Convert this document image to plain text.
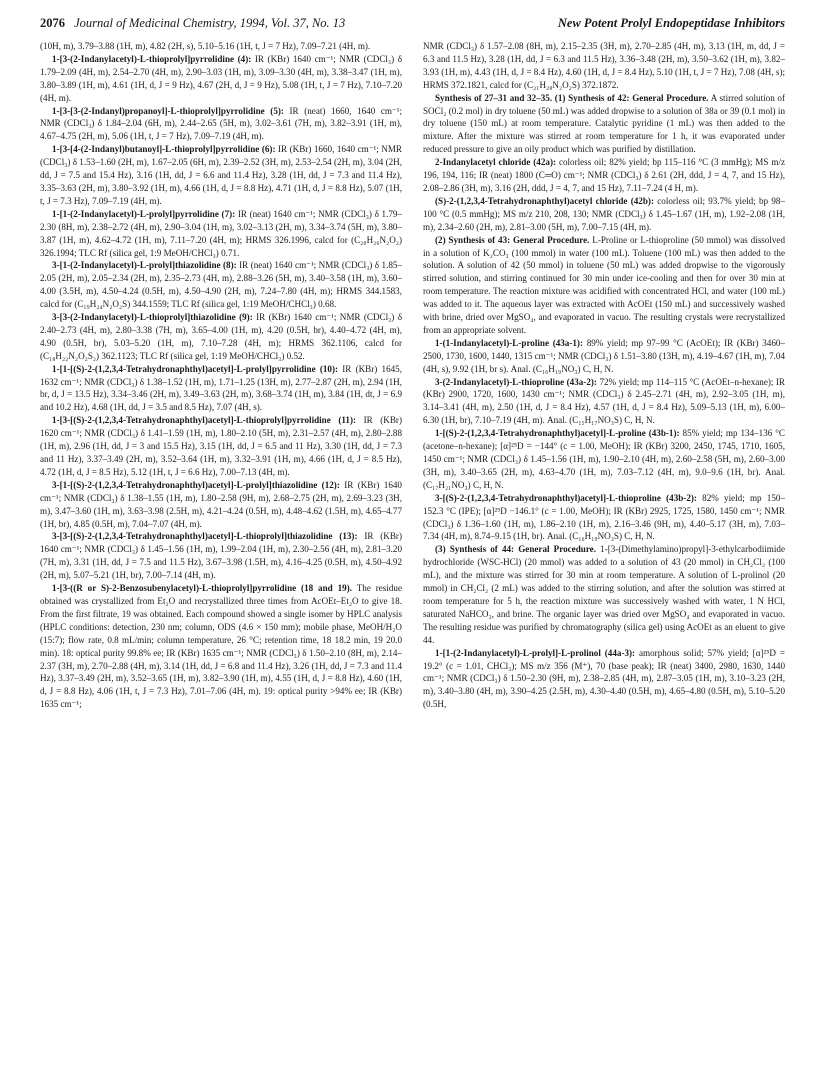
2076 Journal of Medicinal Chemistry, 1994, Vol. 37, No. 13	New Potent Prolyl Endopeptidase Inhibitors

(10H, m), 3.79–3.88 (1H, m), 4.82 (2H, s), 5.10–5.16 (1H, t, J = 7 Hz), 7.09–7.21 (4H, m).

1-[3-(2-Indanylacetyl)-L-thioprolyl]pyrrolidine (4): IR (KBr) 1640 cm⁻¹; NMR (CDCl₃) δ 1.79–2.09 (4H, m), 2.54–2.70 (4H, m), 2.90–3.03 (1H, m), 3.09–3.30 (4H, m), 3.38–3.47 (1H, m), 3.80–3.89 (1H, m), 4.61 (1H, d, J = 9 Hz), 4.67 (2H, d, J = 9 Hz), 5.08 (1H, t, J = 7 Hz), 7.10–7.20 (4H, m).

1-[3-[3-(2-Indanyl)propanoyl]-L-thioprolyl]pyrrolidine (5): IR (neat) 1660, 1640 cm⁻¹; NMR (CDCl₃) δ 1.84–2.04 (6H, m), 2.44–2.65 (5H, m), 3.02–3.61 (7H, m), 3.82–3.91 (1H, m), 4.67–4.75 (2H, m), 5.06 (1H, t, J = 7 Hz), 7.09–7.19 (4H, m).

1-[3-[4-(2-Indanyl)butanoyl]-L-thioprolyl]pyrrolidine (6): IR (KBr) 1660, 1640 cm⁻¹; NMR (CDCl₃) δ 1.53–1.60 (2H, m), 1.67–2.05 (6H, m), 2.39–2.52 (3H, m), 2.53–2.54 (2H, m), 3.04 (2H, dd, J = 7.5 and 15.4 Hz), 3.16 (1H, dd, J = 6.6 and 11.4 Hz), 3.28 (1H, dd, J = 7.3 and 11.4 Hz), 3.35–3.63 (2H, m), 3.80–3.92 (1H, m), 4.66 (1H, d, J = 8.8 Hz), 4.71 (1H, d, J = 8.8 Hz), 5.07 (1H, t, J = 7.3 Hz), 7.09–7.19 (4H, m).

1-[1-(2-Indanylacetyl)-L-prolyl]pyrrolidine (7): IR (neat) 1640 cm⁻¹; NMR (CDCl₃) δ 1.79–2.30 (8H, m), 2.38–2.72 (4H, m), 2.90–3.04 (1H, m), 3.02–3.13 (2H, m), 3.34–3.74 (5H, m), 3.80–3.87 (1H, m), 4.62–4.72 (1H, m), 7.11–7.20 (4H, m); HRMS 326.1996, calcd for (C₂₀H₂₆N₂O₂) 326.1994; TLC Rf (silica gel, 1:9 MeOH/CHCl₃) 0.71.

3-[1-(2-Indanylacetyl)-L-prolyl]thiazolidine (8): IR (neat) 1640 cm⁻¹; NMR (CDCl₃) δ 1.85–2.05 (2H, m), 2.05–2.34 (2H, m), 2.35–2.73 (4H, m), 2.88–3.26 (5H, m), 3.40–3.58 (1H, m), 3.60–4.00 (3.5H, m), 4.50–4.24 (0.5H, m), 4.50–4.90 (2H, m), 7.24–7.80 (4H, m); HRMS 344.1583, calcd for (C₁₉H₂₄N₂O₂S) 344.1559; TLC Rf (silica gel, 1:19 MeOH/CHCl₃) 0.68.

3-[3-(2-Indanylacetyl)-L-thioprolyl]thiazolidine (9): IR (KBr) 1640 cm⁻¹; NMR (CDCl₃) δ 2.40–2.73 (4H, m), 2.80–3.38 (7H, m), 3.65–4.00 (1H, m), 4.20 (0.5H, br), 4.40–4.72 (4H, m), 4.90 (0.5H, br), 5.03–5.20 (1H, m), 7.10–7.28 (4H, m); HRMS 362.1106, calcd for (C₁₈H₂₂N₂O₂S₂) 362.1123; TLC Rf (silica gel, 1:19 MeOH/CHCl₃) 0.52.

1-[1-[(S)-2-(1,2,3,4-Tetrahydronaphthyl)acetyl]-L-prolyl]pyrrolidine (10): IR (KBr) 1645, 1632 cm⁻¹; NMR (CDCl₃) δ 1.38–1.52 (1H, m), 1.71–1.25 (13H, m), 2.77–2.87 (2H, m), 2.94 (1H, br, d, J = 13.5 Hz), 3.34–3.46 (2H, m), 3.49–3.63 (2H, m), 3.68–3.74 (1H, m), 3.84 (1H, dt, J = 6.9 and 10.2 Hz), 4.68 (1H, dd, J = 3.5 and 8.5 Hz), 7.07 (4H, s).

1-[3-[(S)-2-(1,2,3,4-Tetrahydronaphthyl)acetyl]-L-thioprolyl]pyrrolidine (11): IR (KBr) 1620 cm⁻¹; NMR (CDCl₃) δ 1.41–1.59 (1H, m), 1.80–2.10 (5H, m), 2.31–2.57 (4H, m), 2.80–2.88 (1H, m), 2.96 (1H, dd, J = 3 and 15.5 Hz), 3.15 (1H, dd, J = 6.5 and 11 Hz), 3.30 (1H, dd, J = 7.3 and 11 Hz), 3.37–3.49 (2H, m), 3.52–3.64 (1H, m), 3.32–3.91 (1H, m), 4.66 (1H, d, J = 8.5 Hz), 4.72 (1H, d, J = 8.5 Hz), 5.12 (1H, t, J = 6.6 Hz), 7.00–7.13 (4H, m).

3-[1-[(S)-2-(1,2,3,4-Tetrahydronaphthyl)acetyl]-L-prolyl]thiazolidine (12): IR (KBr) 1640 cm⁻¹; NMR (CDCl₃) δ 1.38–1.55 (1H, m), 1.80–2.58 (9H, m), 2.68–2.75 (2H, m), 2.69–3.23 (3H, m), 3.47–3.60 (1H, m), 3.63–3.98 (2.5H, m), 4.21–4.24 (0.5H, m), 4.48–4.62 (1.5H, m), 4.65–4.77 (1H, br), 4.85 (0.5H, m), 7.04–7.07 (4H, m).

3-[3-[(S)-2-(1,2,3,4-Tetrahydronaphthyl)acetyl]-L-thioprolyl]thiazolidine (13): IR (KBr) 1640 cm⁻¹; NMR (CDCl₃) δ 1.45–1.56 (1H, m), 1.99–2.04 (1H, m), 2.30–2.56 (4H, m), 2.81–3.20 (7H, m), 3.31 (1H, dd, J = 7.5 and 11.5 Hz), 3.67–3.98 (1.5H, m), 4.16–4.25 (0.5H, m), 4.50–4.92 (2H, m), 5.07–5.21 (1H, br), 7.00–7.14 (4H, m).

1-[3-((R or S)-2-Benzosubenylacetyl)-L-thioprolyl]pyrrolidine (18 and 19). The residue obtained was crystallized from Et₂O and recrystallized three times from AcOEt–Et₂O to give 18. From the first filtrate, 19 was obtained. Each compound showed a single isomer by HPLC analysis (HPLC conditions: detection, 230 nm; column, ODS (4.6 × 150 mm); mobile phase, MeOH/H₂O (15:7); flow rate, 0.8 mL/min; column temperature, 26 °C; retention time, 18 18.2 min, 19 20.0 min). 18: optical purity 99.8% ee; IR (KBr) 1635 cm⁻¹; NMR (CDCl₃) δ 1.50–2.10 (8H, m), 2.14–2.37 (3H, m), 2.70–2.88 (4H, m), 3.14 (1H, dd, J = 6.8 and 11.4 Hz), 3.26 (1H, dd, J = 7.3 and 11.4 Hz), 3.37–3.49 (2H, m), 3.52–3.65 (1H, m), 3.82–3.90 (1H, m), 4.55 (1H, d, J = 8.8 Hz), 4.60 (1H, d, J = 8.8 Hz), 4.06 (1H, t, J = 7.3 Hz), 7.01–7.06 (4H, m). 19: optical purity >94% ee; IR (KBr) 1635 cm⁻¹;

NMR (CDCl₃) δ 1.57–2.08 (8H, m), 2.15–2.35 (3H, m), 2.70–2.85 (4H, m), 3.13 (1H, m, dd, J = 6.3 and 11.5 Hz), 3.28 (1H, dd, J = 6.3 and 11.5 Hz), 3.36–3.48 (2H, m), 3.50–3.62 (1H, m), 3.82–3.93 (1H, m), 4.43 (1H, d, J = 8.4 Hz), 4.60 (1H, d, J = 8.4 Hz), 5.10 (1H, t, J = 7 Hz), 7.08 (4H, s); HRMS 372.1821, calcd for (C₂₁H₂₈N₂O₂S) 372.1872.

Synthesis of 27–31 and 32–35. (1) Synthesis of 42: General Procedure. A stirred solution of SOCl₂ (0.2 mol) in dry toluene (50 mL) was added dropwise to a solution of 38a or 39 (0.1 mol) in dry toluene (150 mL) at room temperature. Catalytic pyridine (1 mL) was then added to the mixture. After the mixture was stirred at room temperature for 1 h, it was evaporated under reduced pressure to give an oily product which was purified by distillation.

2-Indanylacetyl chloride (42a): colorless oil; 82% yield; bp 115–116 °C (3 mmHg); MS m/z 196, 194, 116; IR (neat) 1800 (C═O) cm⁻¹; NMR (CDCl₃) δ 2.61 (2H, ddd, J = 4, 7, and 15 Hz), 2.08–2.86 (3H, m), 3.16 (2H, ddd, J = 4, 7, and 15 Hz), 7.11–7.24 (4 H, m).

(S)-2-(1,2,3,4-Tetrahydronaphthyl)acetyl chloride (42b): colorless oil; 93.7% yield; bp 98–100 °C (0.5 mmHg); MS m/z 210, 208, 130; NMR (CDCl₃) δ 1.45–1.67 (1H, m), 1.92–2.08 (1H, m), 2.34–2.60 (2H, m), 2.81–3.00 (5H, m), 7.00–7.15 (4H, m).

(2) Synthesis of 43: General Procedure. L-Proline or L-thioproline (50 mmol) was dissolved in a solution of K₂CO₃ (100 mmol) in water (100 mL). Toluene (100 mL) was then added to the solution. A solution of 42 (50 mmol) in toluene (50 mL) was added dropwise to the vigorously stirred solution, and stirring continued for 30 min under ice-cooling and then for over 30 min at room temperature. The reaction mixture was acidified with concentrated HCl, and water (100 mL) was added to it. The aqueous layer was extracted with AcOEt (150 mL) and successively washed with brine, dried over MgSO₄, and evaporated in vacuo. The resulting crystals were recrystallized from an appropriate solvent.

1-(1-Indanylacetyl)-L-proline (43a-1): 89% yield; mp 97–99 °C (AcOEt); IR (KBr) 3460–2500, 1730, 1600, 1440, 1315 cm⁻¹; NMR (CDCl₃) δ 1.51–3.80 (13H, m), 4.19–4.67 (1H, m), 7.04 (4H, s), 9.92 (1H, br s). Anal. (C₁₆H₁₉NO₃) C, H, N.

3-(2-Indanylacetyl)-L-thioproline (43a-2): 72% yield; mp 114–115 °C (AcOEt–n-hexane); IR (KBr) 2900, 1720, 1600, 1430 cm⁻¹; NMR (CDCl₃) δ 2.45–2.71 (4H, m), 2.92–3.05 (1H, m), 3.14–3.41 (4H, m), 2.50 (1H, d, J = 8.4 Hz), 4.57 (1H, d, J = 8.4 Hz), 5.09–5.13 (1H, m), 6.00–6.30 (1H, br), 7.10–7.19 (4H, m). Anal. (C₁₅H₁₇NO₃S) C, H, N.

1-[(S)-2-(1,2,3,4-Tetrahydronaphthyl)acetyl]-L-proline (43b-1): 85% yield; mp 134–136 °C (acetone–n-hexane); [α]²⁵D = −144° (c = 1.00, MeOH); IR (KBr) 3200, 2450, 1745, 1710, 1605, 1450 cm⁻¹; NMR (CDCl₃) δ 1.45–1.56 (1H, m), 1.90–2.10 (4H, m), 2.60–2.58 (5H, m), 2.60–3.00 (3H, m), 3.40–3.65 (2H, m), 4.63–4.70 (1H, m), 7.03–7.12 (4H, m), 9.0–9.6 (1H, br). Anal. (C₁₇H₂₁NO₃) C, H, N.

3-[(S)-2-(1,2,3,4-Tetrahydronaphthyl)acetyl]-L-thioproline (43b-2): 82% yield; mp 150–152.3 °C (IPE); [α]²⁵D −146.1° (c = 1.00, MeOH); IR (KBr) 2925, 1725, 1580, 1450 cm⁻¹; NMR (CDCl₃) δ 1.36–1.60 (1H, m), 1.86–2.10 (1H, m), 2.16–3.46 (9H, m), 4.40–5.17 (3H, m), 7.03–7.34 (4H, m), 8.74–9.15 (1H, br). Anal. (C₁₆H₁₉NO₃S) C, H, N.

(3) Synthesis of 44: General Procedure. 1-[3-(Dimethylamino)propyl]-3-ethylcarbodiimide hydrochloride (WSC-HCl) (20 mmol) was added to a solution of 43 (20 mmol) in CH₂Cl₂ (100 mL), and the mixture was stirred for 30 min at room temperature. A solution of L-prolinol (20 mmol) in CH₂Cl₂ (2 mL) was added to the stirring solution, and after the solution was stirred at room temperature for 5 h, the reaction mixture was successively washed with water, 1 N HCl, saturated NaHCO₃, and brine. The organic layer was dried over MgSO₄ and evaporated in vacuo. The resulting residue was purified by chromatography (silica gel) using AcOEt as an eluent to give 44.

1-[1-(2-Indanylacetyl)-L-prolyl]-L-prolinol (44a-3): amorphous solid; 57% yield; [α]²⁵D = 19.2° (c = 1.01, CHCl₃); MS m/z 356 (M⁺), 70 (base peak); IR (neat) 3400, 2980, 1630, 1440 cm⁻¹; NMR (CDCl₃) δ 1.50–2.30 (9H, m), 2.38–2.85 (4H, m), 2.87–3.05 (1H, m), 3.10–3.23 (2H, m), 3.40–3.80 (4H, m), 3.90–4.25 (2.5H, m), 4.30–4.40 (0.5H, m), 4.65–4.80 (0.5H, m), 5.10–5.20 (0.5H,
